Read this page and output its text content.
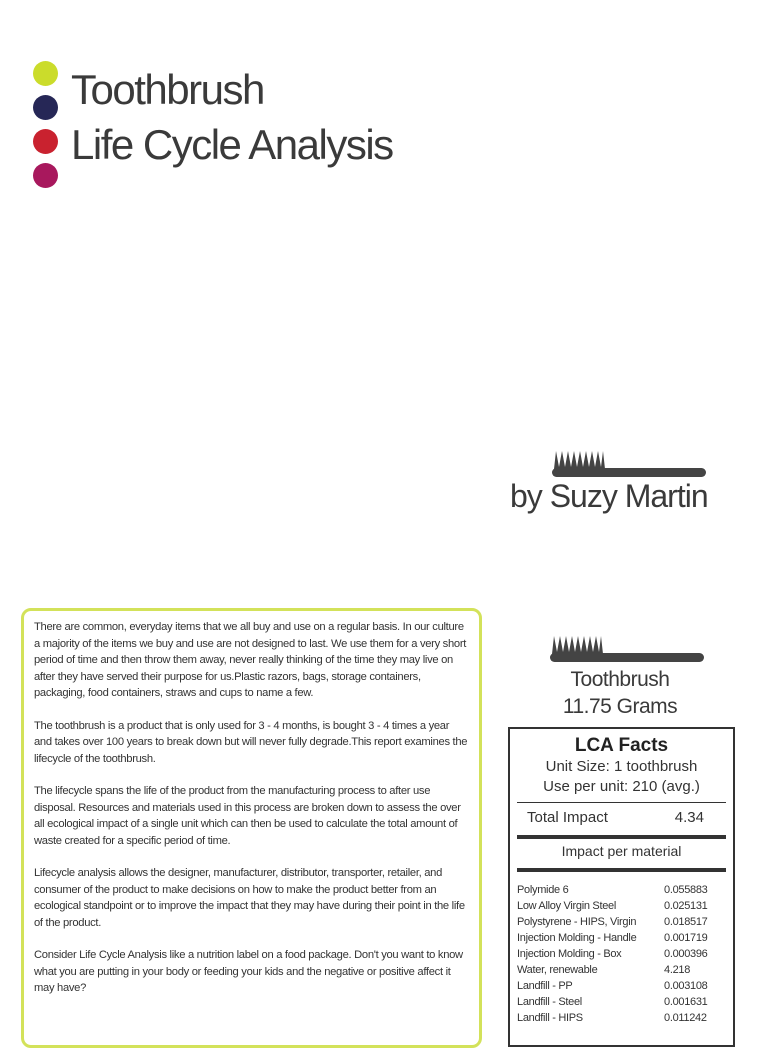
Toothbrush
Life Cycle Analysis
by Suzy Martin

There are common, everyday items that we all buy and use on a regular basis. In our culture a majority of the items we buy and use are not designed to last. We use them for a very short period of time and then throw them away, never really thinking of the time they may live on after they have served their purpose for us.Plastic razors, bags, storage containers, packaging, food containers, straws and cups to name a few.

The toothbrush is a product that is only used for 3 - 4 months, is bought 3 - 4 times a year and takes over 100 years to break down but will never fully degrade.This report examines the lifecycle of the toothbrush.

The lifecycle spans the life of the product from the manufacturing process to after use disposal. Resources and materials used in this process are broken down to assess the over all ecological impact of a single unit which can then be used to calculate the total amount of waste created for a specific period of time.

Lifecycle analysis allows the designer, manufacturer, distributor, transporter, retailer, and consumer of the product to make decisions on how to make the product better from an ecological standpoint or to improve the impact that they may have during their point in the life of the product.

Consider Life Cycle Analysis like a nutrition label on a food package. Don't you want to know what you are putting in your body or feeding your kids and the negative or positive affect it may have?

Toothbrush
11.75 Grams
LCA Facts
Unit Size: 1 toothbrush
Use per unit: 210 (avg.)
Total Impact	4.34
Impact per material
Polymide 6	0.055883
Low Alloy Virgin Steel	0.025131
Polystyrene - HIPS, Virgin	0.018517
Injection Molding - Handle	0.001719
Injection Molding - Box	0.000396
Water, renewable	4.218
Landfill - PP	0.003108
Landfill - Steel	0.001631
Landfill - HIPS	0.011242
